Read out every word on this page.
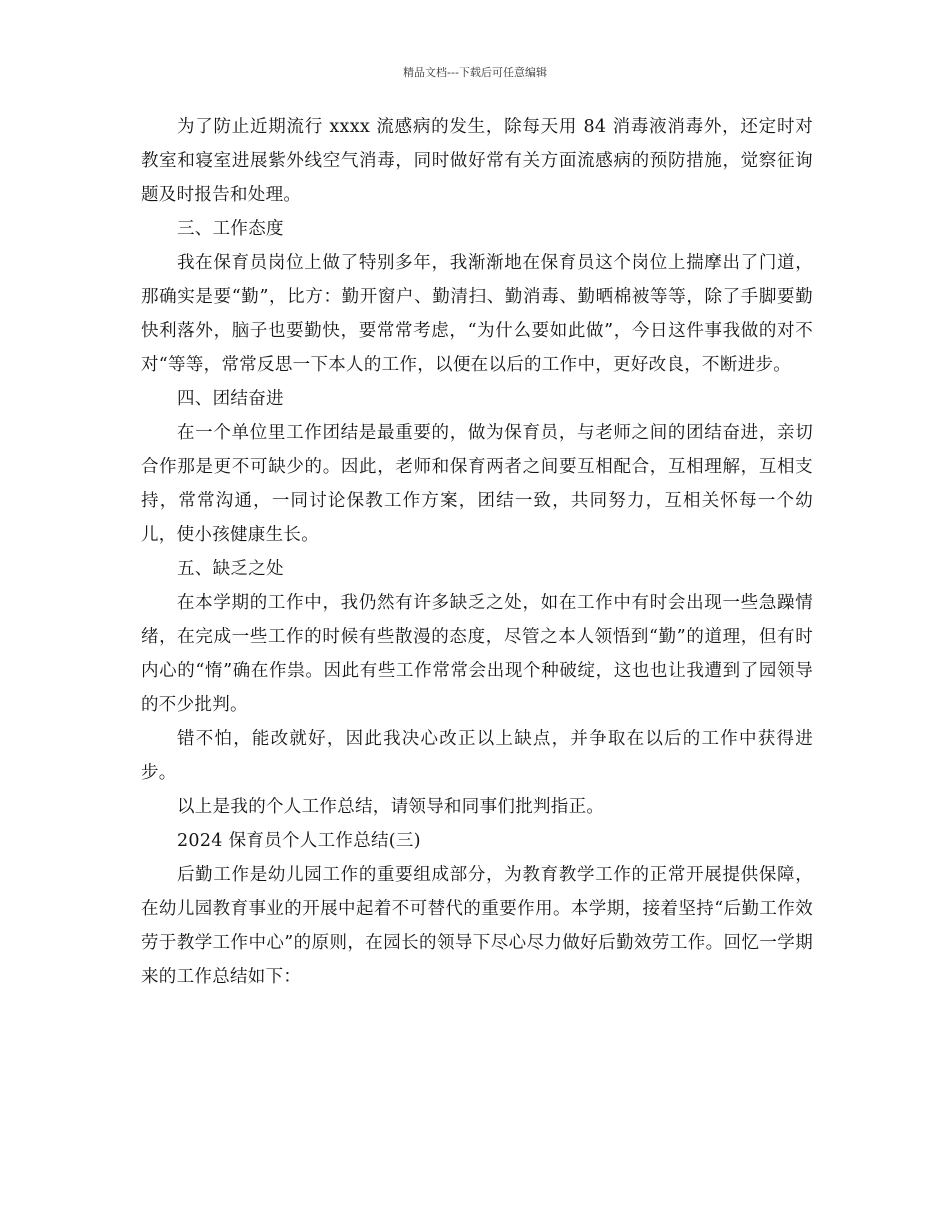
精品文档---下载后可任意编辑

为了防止近期流行 xxxx 流感病的发生，除每天用 84 消毒液消毒外，还定时对教室和寝室进展紫外线空气消毒，同时做好常有关方面流感病的预防措施，觉察征询题及时报告和处理。

三、工作态度

我在保育员岗位上做了特别多年，我渐渐地在保育员这个岗位上揣摩出了门道，那确实是要“勤”，比方：勤开窗户、勤清扫、勤消毒、勤晒棉被等等，除了手脚要勤快利落外，脑子也要勤快，要常常考虑，“为什么要如此做”，今日这件事我做的对不对“等等，常常反思一下本人的工作，以便在以后的工作中，更好改良，不断进步。

四、团结奋进

在一个单位里工作团结是最重要的，做为保育员，与老师之间的团结奋进，亲切合作那是更不可缺少的。因此，老师和保育两者之间要互相配合，互相理解，互相支持，常常沟通，一同讨论保教工作方案，团结一致，共同努力，互相关怀每一个幼儿，使小孩健康生长。

五、缺乏之处

在本学期的工作中，我仍然有许多缺乏之处，如在工作中有时会出现一些急躁情绪，在完成一些工作的时候有些散漫的态度，尽管之本人领悟到“勤”的道理，但有时内心的“惰”确在作祟。因此有些工作常常会出现个种破绽，这也也让我遭到了园领导的不少批判。

错不怕，能改就好，因此我决心改正以上缺点，并争取在以后的工作中获得进步。

以上是我的个人工作总结，请领导和同事们批判指正。

2024 保育员个人工作总结(三)

后勤工作是幼儿园工作的重要组成部分，为教育教学工作的正常开展提供保障，在幼儿园教育事业的开展中起着不可替代的重要作用。本学期，接着坚持“后勤工作效劳于教学工作中心”的原则，在园长的领导下尽心尽力做好后勤效劳工作。回忆一学期来的工作总结如下：
